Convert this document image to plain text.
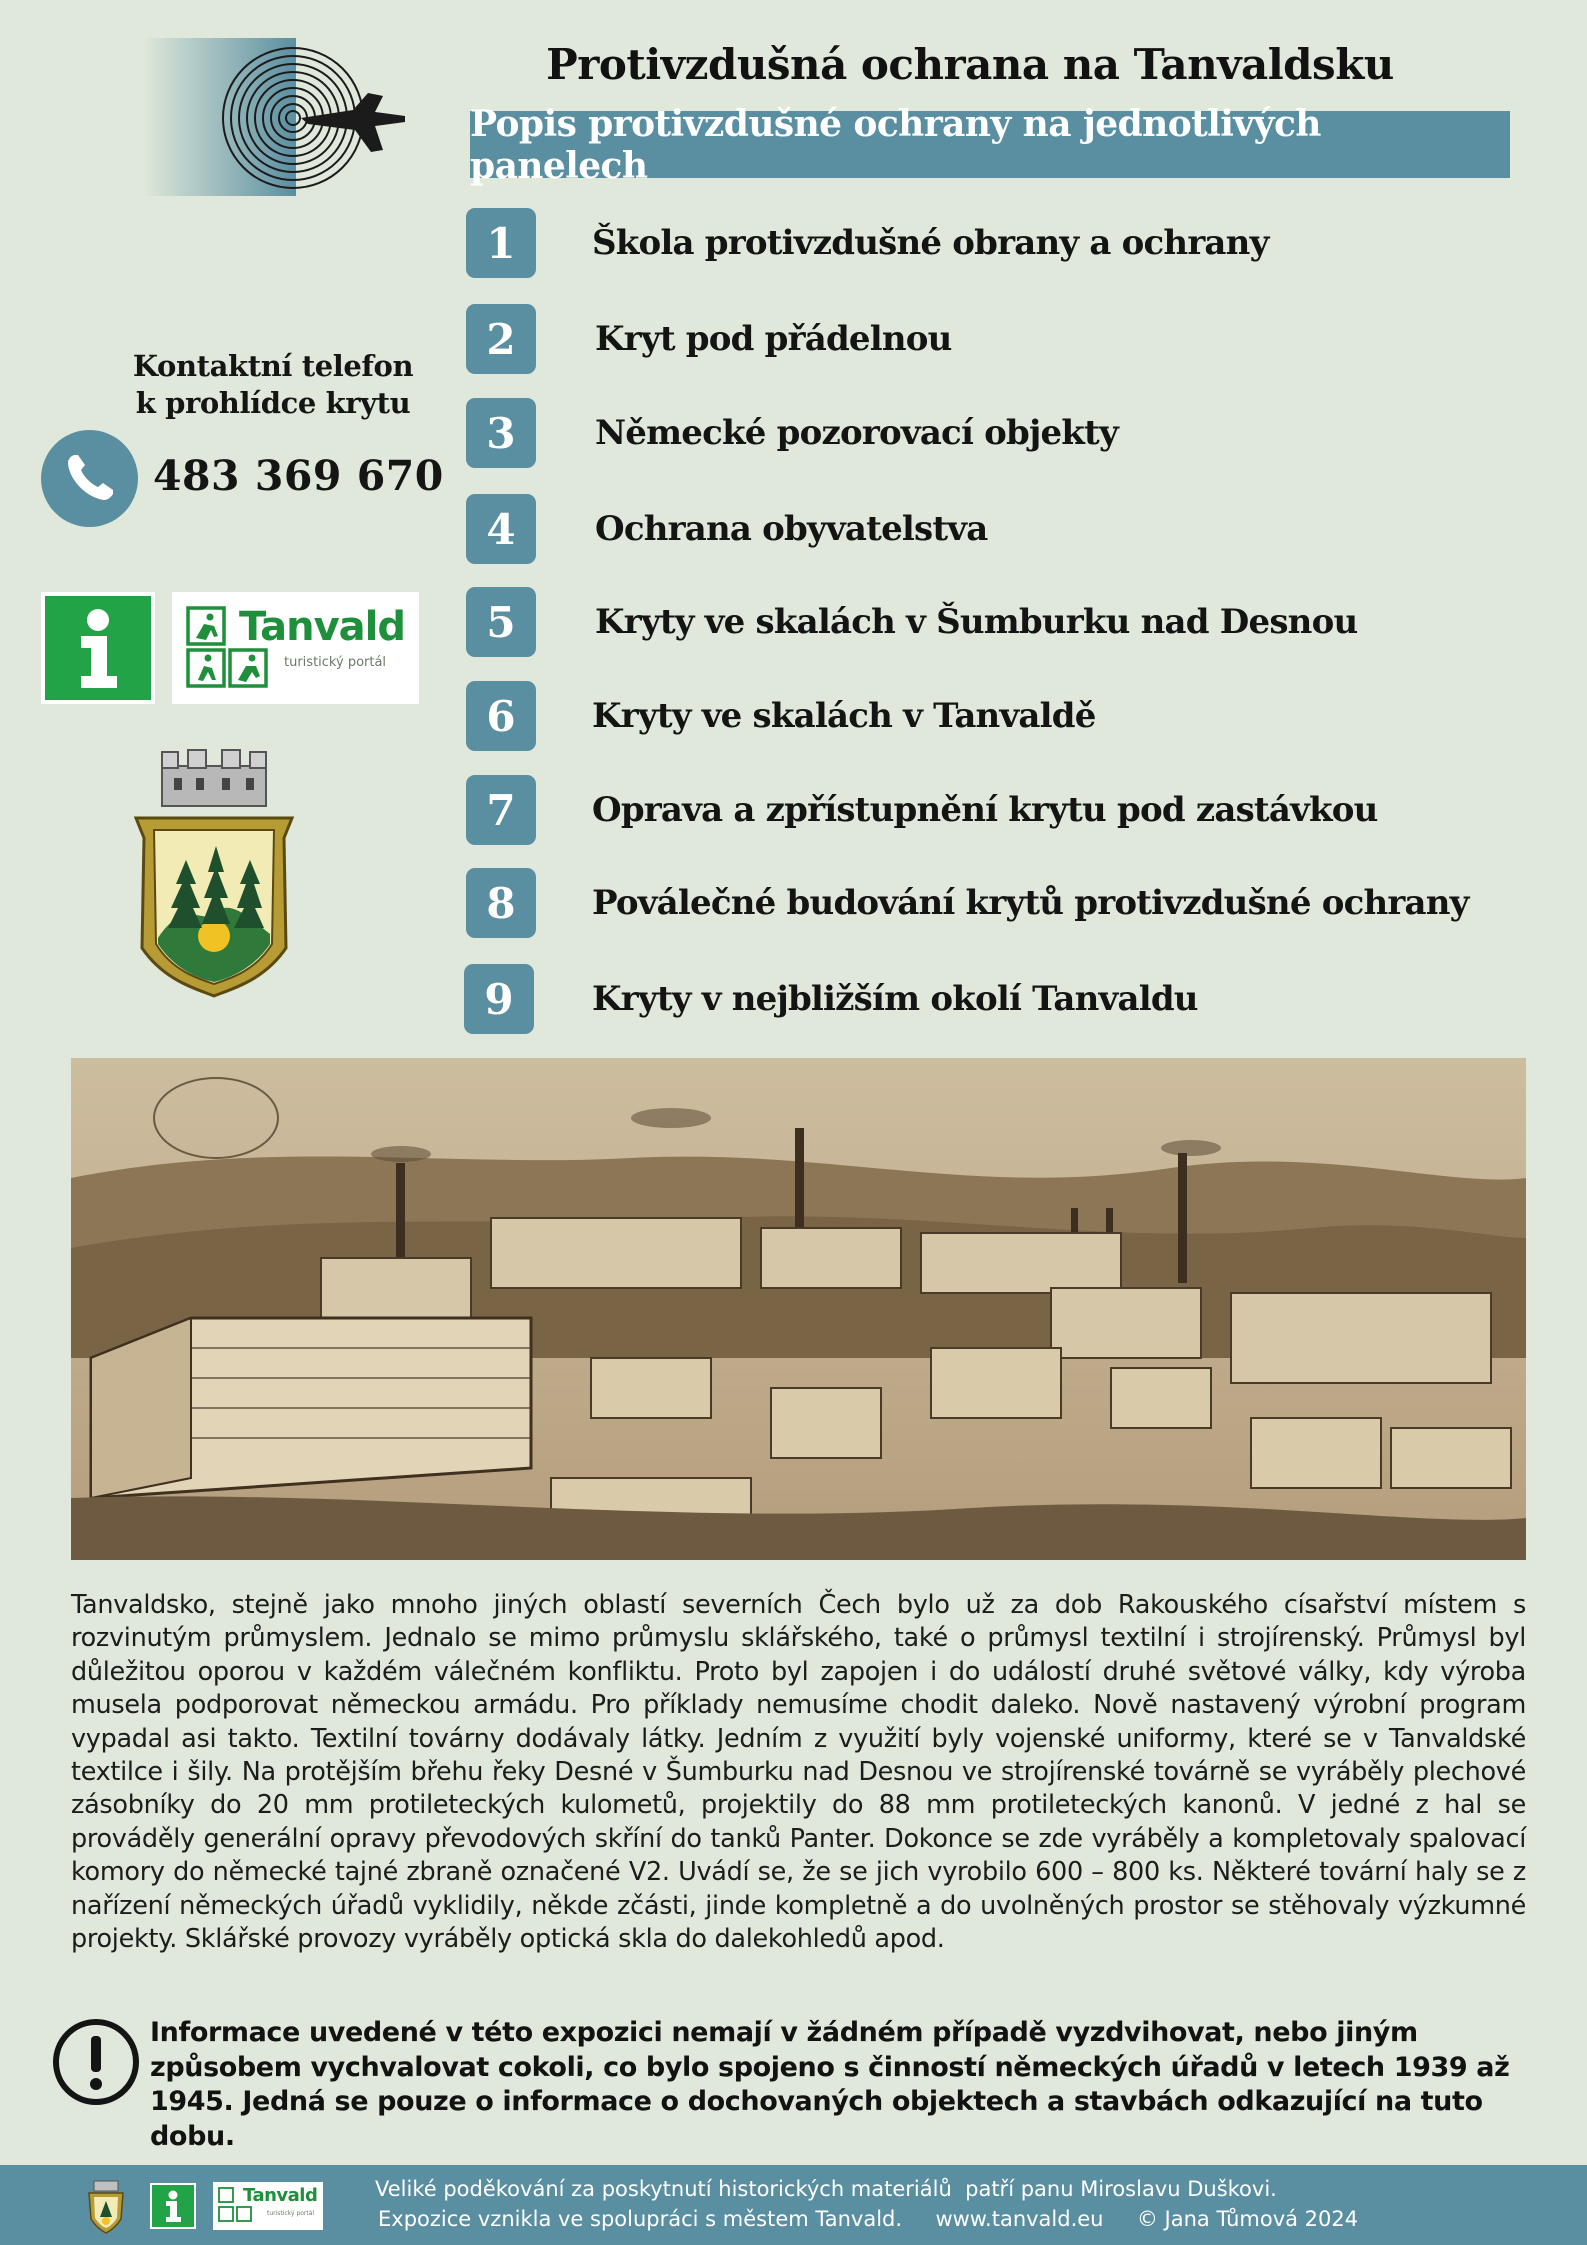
Protivzdušná ochrana na Tanvaldsku
Popis protivzdušné ochrany na jednotlivých panelech
Kontaktní telefon
k prohlídce krytu
483 369 670
Tanvald
turistický portál
1	Škola protivzdušné obrany a ochrany
2	Kryt pod přádelnou
3	Německé pozorovací objekty
4	Ochrana obyvatelstva
5	Kryty ve skalách v Šumburku nad Desnou
6	Kryty ve skalách v Tanvaldě
7	Oprava a zpřístupnění krytu pod zastávkou
8	Poválečné budování krytů protivzdušné ochrany
9	Kryty v nejbližším okolí Tanvaldu
Tanvaldsko, stejně jako mnoho jiných oblastí severních Čech bylo už za dob Rakouského císařství místem s rozvinutým průmyslem. Jednalo se mimo průmyslu sklářského, také o průmysl textilní i strojírenský. Průmysl byl důležitou oporou v každém válečném konfliktu. Proto byl zapojen i do událostí druhé světové války, kdy výroba musela podporovat německou armádu. Pro příklady nemusíme chodit daleko. Nově nastavený výrobní program vypadal asi takto. Textilní továrny dodávaly látky. Jedním z využití byly vojenské uniformy, které se v Tanvaldské textilce i šily. Na protějším břehu řeky Desné v Šumburku nad Desnou ve strojírenské továrně se vyráběly plechové zásobníky do 20 mm protileteckých kulometů, projektily do 88 mm protileteckých kanonů. V jedné z hal se prováděly generální opravy převodových skříní do tanků Panter. Dokonce se zde vyráběly a kompletovaly spalovací komory do německé tajné zbraně označené V2. Uvádí se, že se jich vyrobilo 600 – 800 ks. Některé tovární haly se z nařízení německých úřadů vyklidily, někde zčásti, jinde kompletně a do uvolněných prostor se stěhovaly výzkumné projekty. Sklářské provozy vyráběly optická skla do dalekohledů apod.
Informace uvedené v této expozici nemají v žádném případě vyzdvihovat, nebo jiným způsobem vychvalovat cokoli, co bylo spojeno s činností německých úřadů v letech 1939 až 1945. Jedná se pouze o informace o dochovaných objektech a stavbách odkazující na tuto dobu.
Tanvald
turistický portál
Veliké poděkování za poskytnutí historických materiálů  patří panu Miroslavu Duškovi.
Expozice vznikla ve spolupráci s městem Tanvald.     www.tanvald.eu     © Jana Tůmová 2024
